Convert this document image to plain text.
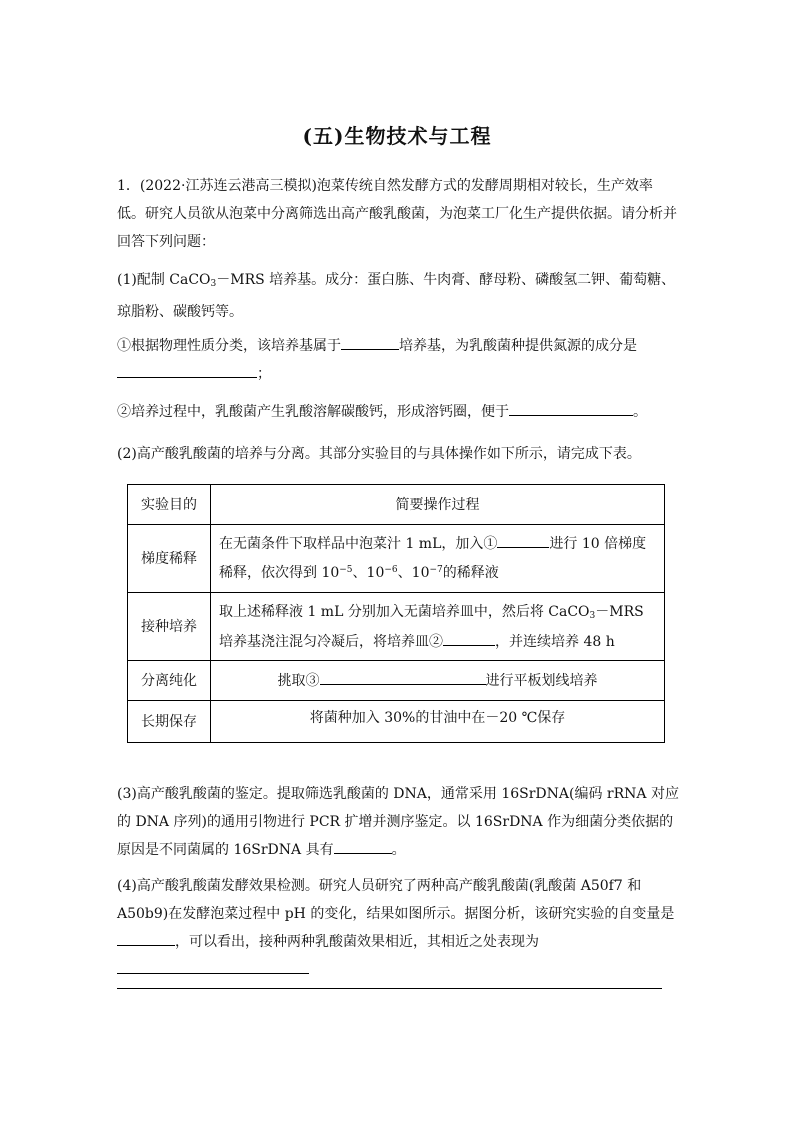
(五)生物技术与工程
1．(2022·江苏连云港高三模拟)泡菜传统自然发酵方式的发酵周期相对较长，生产效率低。研究人员欲从泡菜中分离筛选出高产酸乳酸菌，为泡菜工厂化生产提供依据。请分析并回答下列问题：
(1)配制 CaCO$_3$－MRS 培养基。成分：蛋白胨、牛肉膏、酵母粉、磷酸氢二钾、葡萄糖、琼脂粉、碳酸钙等。
①根据物理性质分类，该培养基属于	培养基，为乳酸菌种提供氮源的成分是
；
②培养过程中，乳酸菌产生乳酸溶解碳酸钙，形成溶钙圈，便于	。
(2)高产酸乳酸菌的培养与分离。其部分实验目的与具体操作如下所示，请完成下表。
实验目的	简要操作过程
梯度稀释	在无菌条件下取样品中泡菜汁 1 mL，加入① 进行 10 倍梯度稀释，依次得到 $10^{-5}$、$10^{-6}$、$10^{-7}$的稀释液
接种培养	取上述稀释液 1 mL 分别加入无菌培养皿中，然后将 CaCO$_3$－MRS 培养基浇注混匀冷凝后，将培养皿② ，并连续培养 48 h
分离纯化	挑取③ 进行平板划线培养
长期保存	将菌种加入 30%的甘油中在－20 ℃保存
(3)高产酸乳酸菌的鉴定。提取筛选乳酸菌的 DNA，通常采用 16SrDNA(编码 rRNA 对应的 DNA 序列)的通用引物进行 PCR 扩增并测序鉴定。以 16SrDNA 作为细菌分类依据的原因是不同菌属的 16SrDNA 具有	。
(4)高产酸乳酸菌发酵效果检测。研究人员研究了两种高产酸乳酸菌(乳酸菌 A50f7 和 A50b9)在发酵泡菜过程中 pH 的变化，结果如图所示。据图分析，该研究实验的自变量是，可以看出，接种两种乳酸菌效果相近，其相近之处表现为
